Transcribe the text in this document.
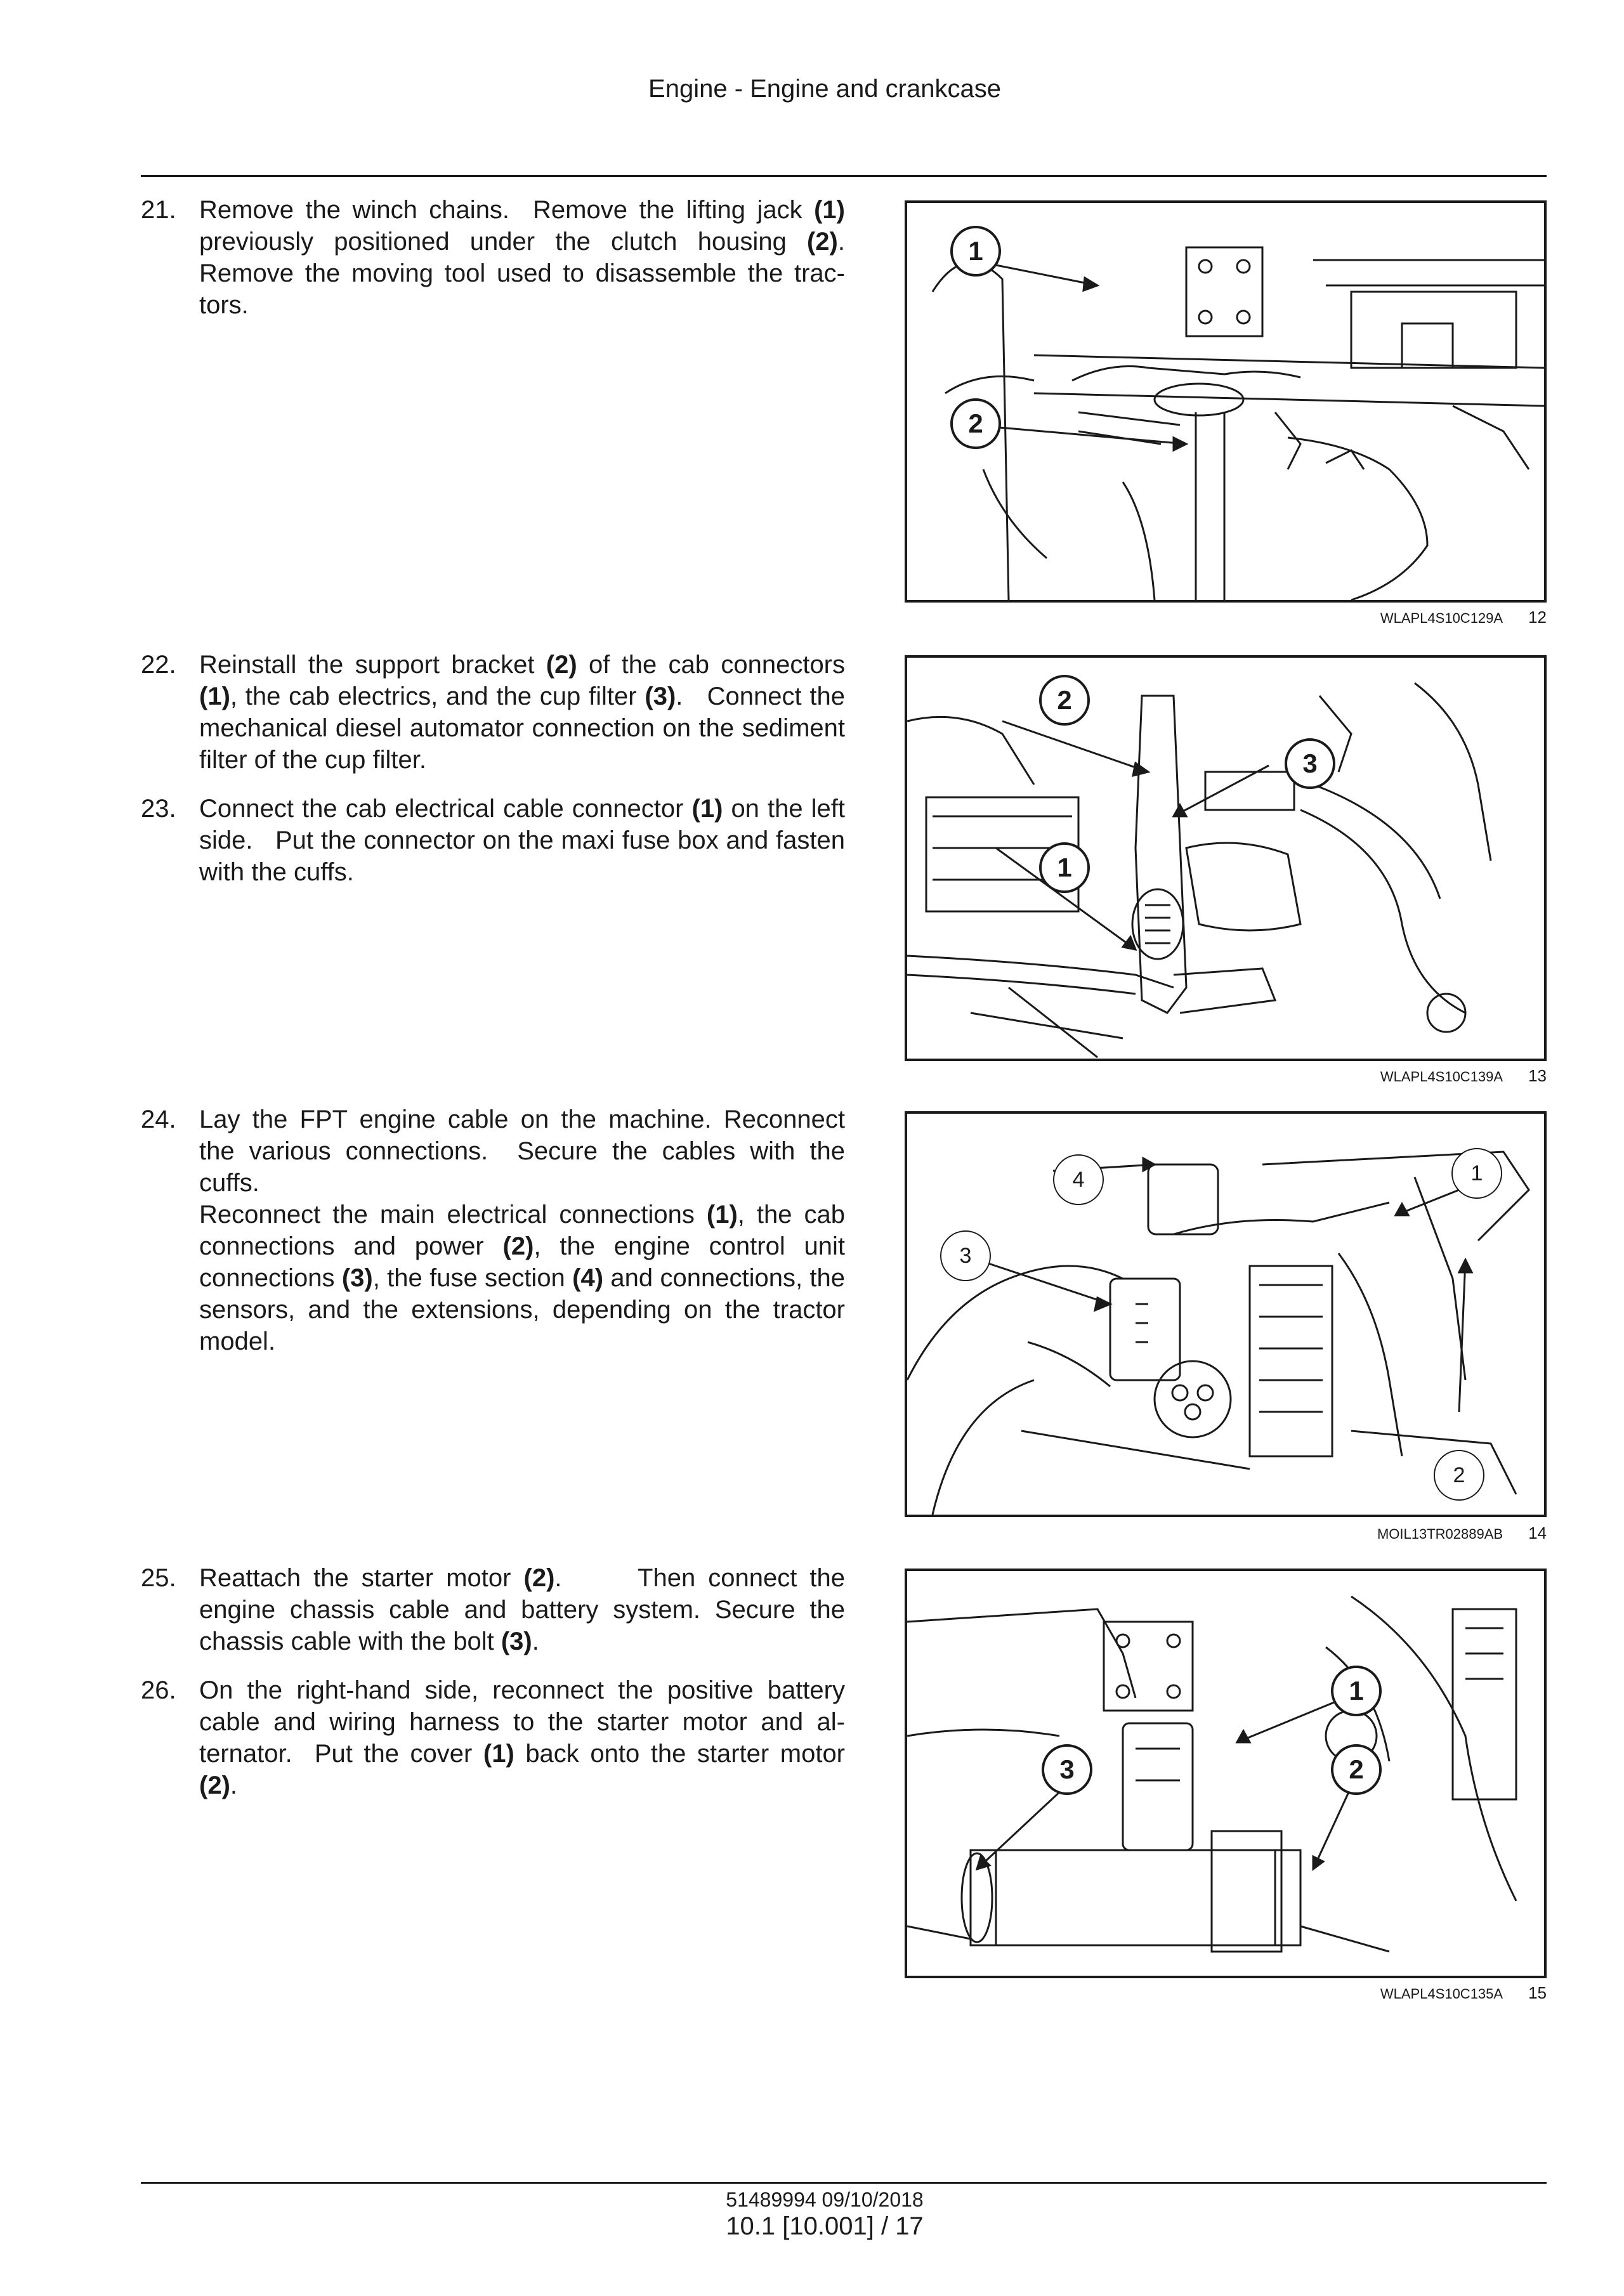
Engine - Engine and crankcase
21. Remove the winch chains.  Remove the lifting jack (1) previously positioned under the clutch housing (2). Remove the moving tool used to disassemble the trac-tors.

22. Reinstall the support bracket (2) of the cab connectors (1), the cab electrics, and the cup filter (3).   Connect the mechanical diesel automator connection on the sediment filter of the cup filter.

23. Connect the cab electrical cable connector (1) on the left side.   Put the connector on the maxi fuse box and fasten with the cuffs.

24. Lay the FPT engine cable on the machine. Reconnect the various connections.  Secure the cables with the cuffs.
Reconnect the main electrical connections (1), the cab connections and power (2), the engine control unit connections (3), the fuse section (4) and connections, the sensors, and the extensions, depending on the tractor model.

25. Reattach the starter motor (2).      Then connect the engine chassis cable and battery system. Secure the chassis cable with the bolt (3).

26. On the right-hand side, reconnect the positive battery cable and wiring harness to the starter motor and al-ternator.  Put the cover (1) back onto the starter motor (2).

WLAPL4S10C129A 12
WLAPL4S10C139A 13
MOIL13TR02889AB 14
WLAPL4S10C135A 15
1
2
2
3
1
4	1
3
2
1
3	2
51489994 09/10/2018
10.1 [10.001] / 17
